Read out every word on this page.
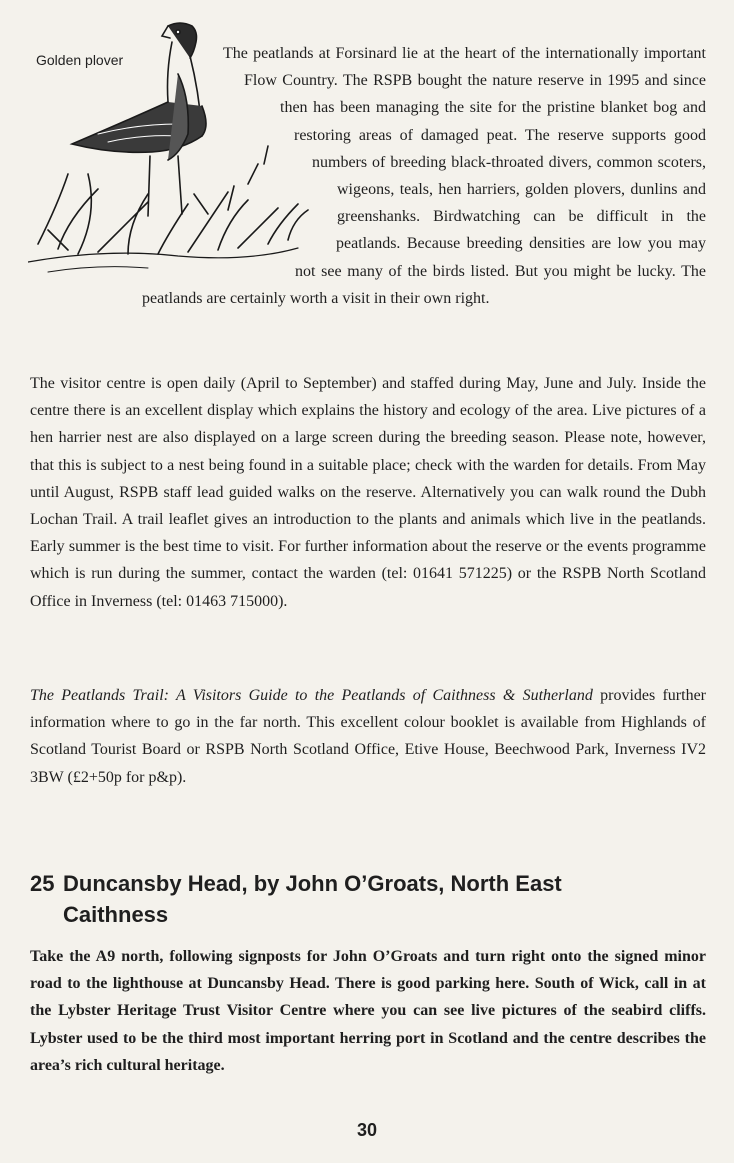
Golden plover	The peatlands at Forsinard lie at the heart of the internationally important Flow Country. The RSPB bought the nature reserve in 1995 and since then has been managing the site for the pristine blanket bog and restoring areas of damaged peat. The reserve supports good numbers of breeding black-throated divers, common scoters, wigeons, teals, hen harriers, golden plovers, dunlins and greenshanks. Birdwatching can be difficult in the peatlands. Because breeding densities are low you may not see many of the birds listed. But you might be lucky. The peatlands are certainly worth a visit in their own right.

The visitor centre is open daily (April to September) and staffed during May, June and July. Inside the centre there is an excellent display which explains the history and ecology of the area. Live pictures of a hen harrier nest are also displayed on a large screen during the breeding season. Please note, however, that this is subject to a nest being found in a suitable place; check with the warden for details. From May until August, RSPB staff lead guided walks on the reserve. Alternatively you can walk round the Dubh Lochan Trail. A trail leaflet gives an introduction to the plants and animals which live in the peatlands. Early summer is the best time to visit. For further information about the reserve or the events programme which is run during the summer, contact the warden (tel: 01641 571225) or the RSPB North Scotland Office in Inverness (tel: 01463 715000).

The Peatlands Trail: A Visitors Guide to the Peatlands of Caithness & Sutherland provides further information where to go in the far north. This excellent colour booklet is available from Highlands of Scotland Tourist Board or RSPB North Scotland Office, Etive House, Beechwood Park, Inverness IV2 3BW (£2+50p for p&p).

25 Duncansby Head, by John O’Groats, North East
Caithness

Take the A9 north, following signposts for John O’Groats and turn right onto the signed minor road to the lighthouse at Duncansby Head. There is good parking here. South of Wick, call in at the Lybster Heritage Trust Visitor Centre where you can see live pictures of the seabird cliffs. Lybster used to be the third most important herring port in Scotland and the centre describes the area’s rich cultural heritage.

30
